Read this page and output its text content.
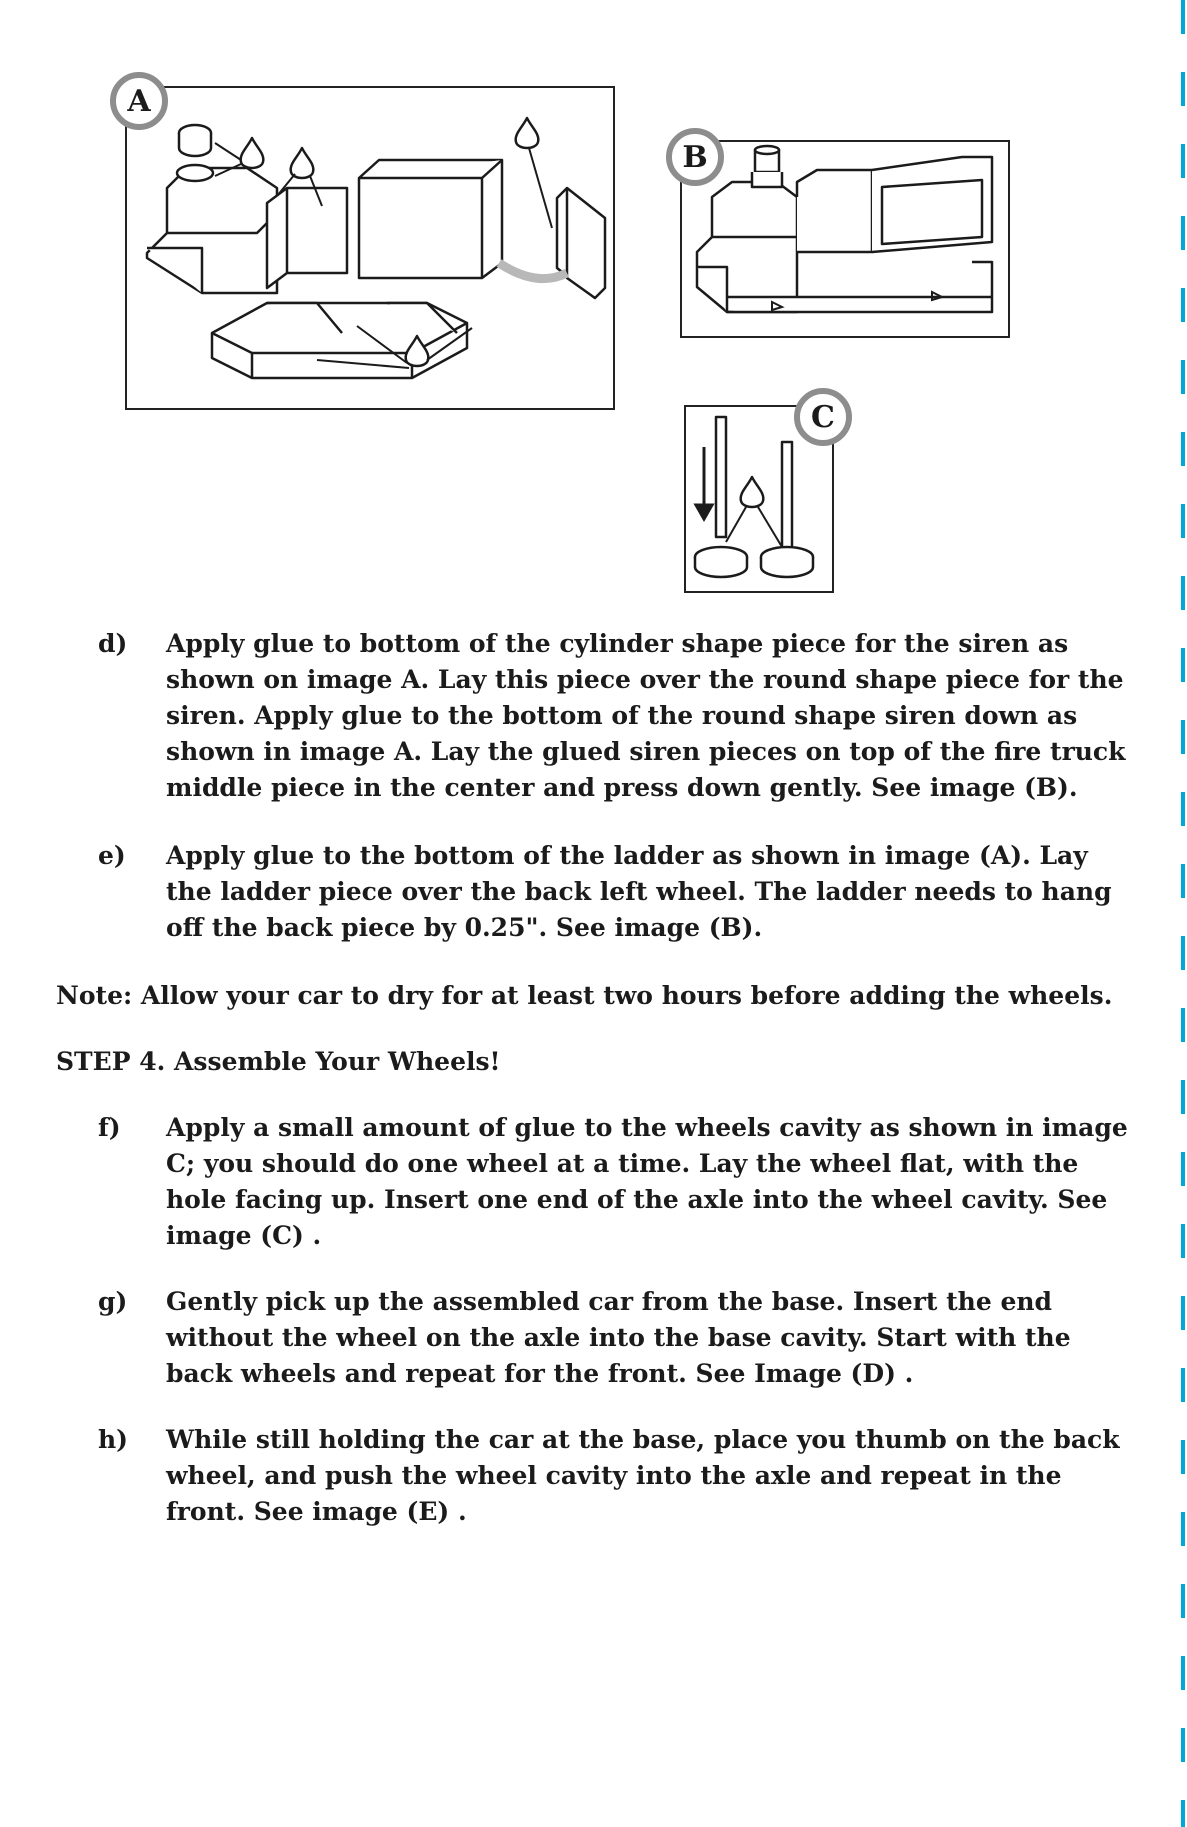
A
B
C
d) Apply glue to bottom of the cylinder shape piece for the siren as shown on image A. Lay this piece over the round shape piece for the siren. Apply glue to the bottom of the round shape siren down as shown in image A. Lay the glued siren pieces on top of the fire truck middle piece in the center and press down gently. See image (B).
e) Apply glue to the bottom of the ladder as shown in image (A). Lay the ladder piece over the back left wheel. The ladder needs to hang off the back piece by 0.25". See image (B).
Note: Allow your car to dry for at least two hours before adding the wheels.
STEP 4. Assemble Your Wheels!
f) Apply a small amount of glue to the wheels cavity as shown in image C; you should do one wheel at a time. Lay the wheel flat, with the hole facing up. Insert one end of the axle into the wheel cavity. See image (C) .
g) Gently pick up the assembled car from the base. Insert the end without the wheel on the axle into the base cavity. Start with the back wheels and repeat for the front. See Image (D) .
h) While still holding the car at the base, place you thumb on the back wheel, and push the wheel cavity into the axle and repeat in the front. See image (E) .
